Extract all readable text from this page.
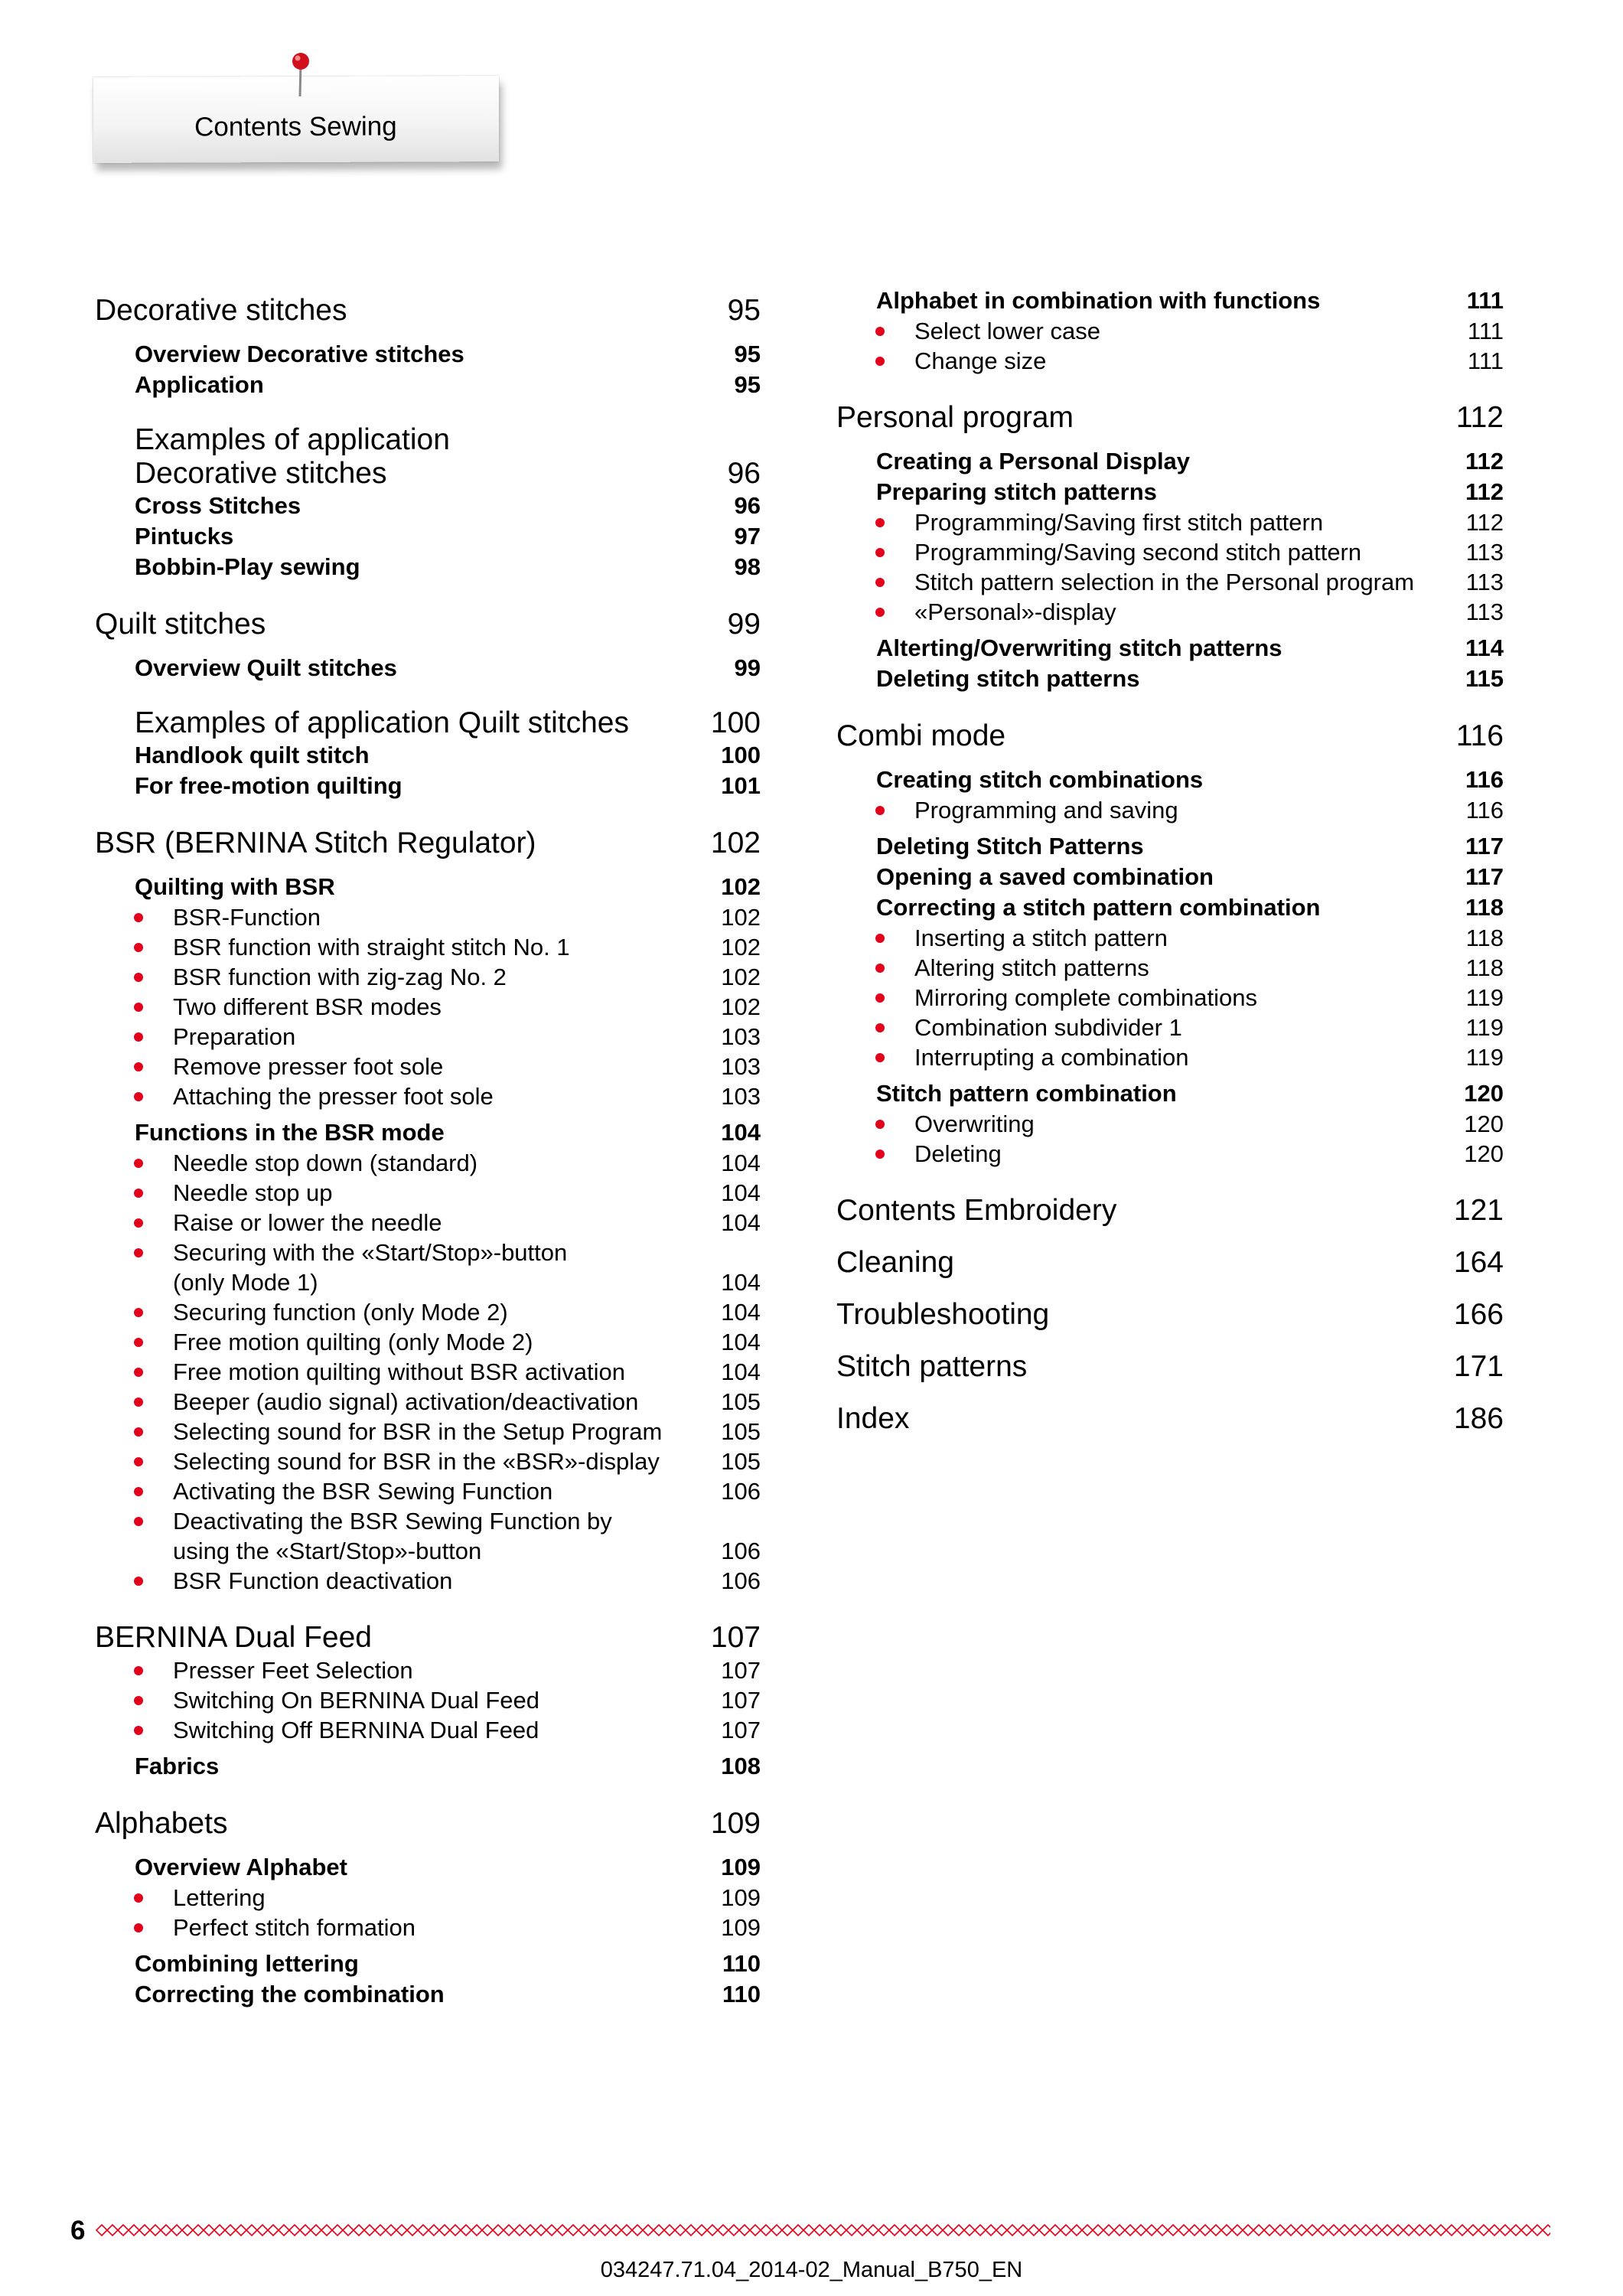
Contents Sewing
Decorative stitches	95
Overview Decorative stitches	95
Application	95
Examples of application
Decorative stitches	96
Cross Stitches	96
Pintucks	97
Bobbin-Play sewing	98
Quilt stitches	99
Overview Quilt stitches	99
Examples of application Quilt stitches	100
Handlook quilt stitch	100
For free-motion quilting	101
BSR (BERNINA Stitch Regulator)	102
Quilting with BSR	102
BSR-Function	102
BSR function with straight stitch No. 1	102
BSR function with zig-zag No. 2	102
Two different BSR modes	102
Preparation	103
Remove presser foot sole	103
Attaching the presser foot sole	103
Functions in the BSR mode	104
Needle stop down (standard)	104
Needle stop up	104
Raise or lower the needle	104
Securing with the «Start/Stop»-button
(only Mode 1)	104
Securing function (only Mode 2)	104
Free motion quilting (only Mode 2)	104
Free motion quilting without BSR activation	104
Beeper (audio signal) activation/deactivation	105
Selecting sound for BSR in the Setup Program	105
Selecting sound for BSR in the «BSR»-display	105
Activating the BSR Sewing Function	106
Deactivating the BSR Sewing Function by
using the «Start/Stop»-button	106
BSR Function deactivation	106
BERNINA Dual Feed	107
Presser Feet Selection	107
Switching On BERNINA Dual Feed	107
Switching Off BERNINA Dual Feed	107
Fabrics	108
Alphabets	109
Overview Alphabet	109
Lettering	109
Perfect stitch formation	109
Combining lettering	110
Correcting the combination	110
Alphabet in combination with functions	111
Select lower case	111
Change size	111
Personal program	112
Creating a Personal Display	112
Preparing stitch patterns	112
Programming/Saving first stitch pattern	112
Programming/Saving second stitch pattern	113
Stitch pattern selection in the Personal program	113
«Personal»-display	113
Alterting/Overwriting stitch patterns	114
Deleting stitch patterns	115
Combi mode	116
Creating stitch combinations	116
Programming and saving	116
Deleting Stitch Patterns	117
Opening a saved combination	117
Correcting a stitch pattern combination	118
Inserting a stitch pattern	118
Altering stitch patterns	118
Mirroring complete combinations	119
Combination subdivider 1	119
Interrupting a combination	119
Stitch pattern combination	120
Overwriting	120
Deleting	120
Contents Embroidery	121
Cleaning	164
Troubleshooting	166
Stitch patterns	171
Index	186
6
034247.71.04_2014-02_Manual_B750_EN
